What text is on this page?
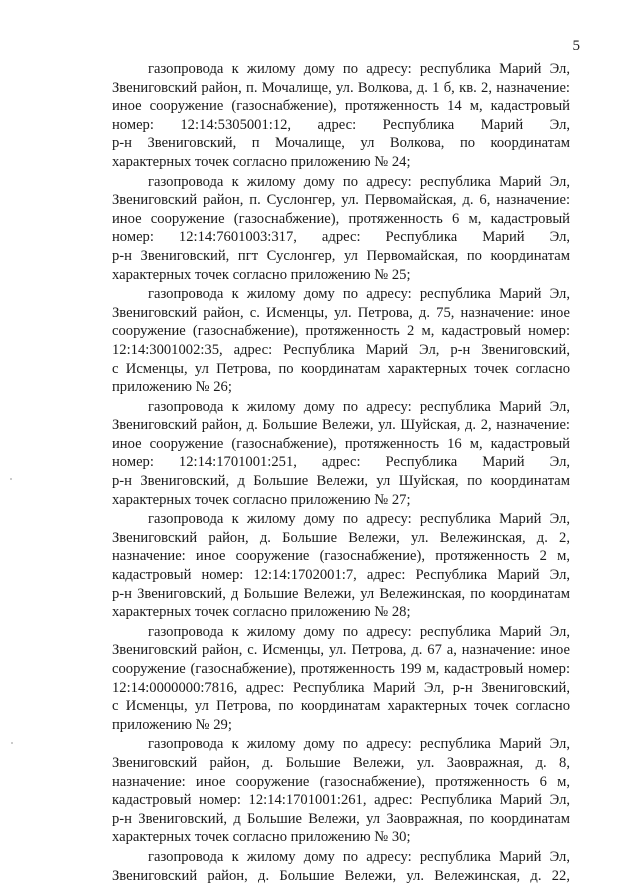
5
газопровода к жилому дому по адресу: республика Марий Эл,
Звениговский район, п. Мочалище, ул. Волкова, д. 1 б, кв. 2, назначение:
иное сооружение (газоснабжение), протяженность 14 м, кадастровый
номер: 12:14:5305001:12, адрес: Республика Марий Эл,
р-н Звениговский, п Мочалище, ул Волкова, по координатам
характерных точек согласно приложению № 24;
газопровода к жилому дому по адресу: республика Марий Эл,
Звениговский район, п. Суслонгер, ул. Первомайская, д. 6, назначение:
иное сооружение (газоснабжение), протяженность 6 м, кадастровый
номер: 12:14:7601003:317, адрес: Республика Марий Эл,
р-н Звениговский, пгт Суслонгер, ул Первомайская, по координатам
характерных точек согласно приложению № 25;
газопровода к жилому дому по адресу: республика Марий Эл,
Звениговский район, с. Исменцы, ул. Петрова, д. 75, назначение: иное
сооружение (газоснабжение), протяженность 2 м, кадастровый номер:
12:14:3001002:35, адрес: Республика Марий Эл, р-н Звениговский,
с Исменцы, ул Петрова, по координатам характерных точек согласно
приложению № 26;
газопровода к жилому дому по адресу: республика Марий Эл,
Звениговский район, д. Большие Вележи, ул. Шуйская, д. 2, назначение:
иное сооружение (газоснабжение), протяженность 16 м, кадастровый
номер: 12:14:1701001:251, адрес: Республика Марий Эл,
р-н Звениговский, д Большие Вележи, ул Шуйская, по координатам
характерных точек согласно приложению № 27;
газопровода к жилому дому по адресу: республика Марий Эл,
Звениговский район, д. Большие Вележи, ул. Вележинская, д. 2,
назначение: иное сооружение (газоснабжение), протяженность 2 м,
кадастровый номер: 12:14:1702001:7, адрес: Республика Марий Эл,
р-н Звениговский, д Большие Вележи, ул Вележинская, по координатам
характерных точек согласно приложению № 28;
газопровода к жилому дому по адресу: республика Марий Эл,
Звениговский район, с. Исменцы, ул. Петрова, д. 67 а, назначение: иное
сооружение (газоснабжение), протяженность 199 м, кадастровый номер:
12:14:0000000:7816, адрес: Республика Марий Эл, р-н Звениговский,
с Исменцы, ул Петрова, по координатам характерных точек согласно
приложению № 29;
газопровода к жилому дому по адресу: республика Марий Эл,
Звениговский район, д. Большие Вележи, ул. Заовражная, д. 8,
назначение: иное сооружение (газоснабжение), протяженность 6 м,
кадастровый номер: 12:14:1701001:261, адрес: Республика Марий Эл,
р-н Звениговский, д Большие Вележи, ул Заовражная, по координатам
характерных точек согласно приложению № 30;
газопровода к жилому дому по адресу: республика Марий Эл,
Звениговский район, д. Большие Вележи, ул. Вележинская, д. 22,
